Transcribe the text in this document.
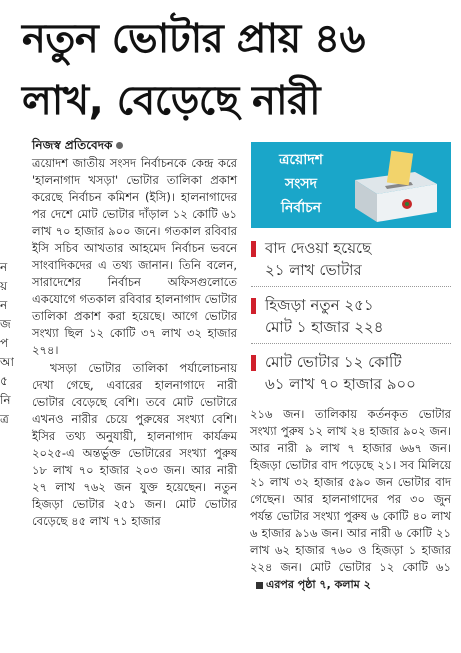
নতুন ভোটার প্রায় ৪৬ লাখ, বেড়েছে নারী
ন
য়
ন
জ
প
আ
৫
নি
ত্র
নিজস্ব প্রতিবেদক

ত্রয়োদশ জাতীয় সংসদ নির্বাচনকে কেন্দ্র করে 'হালনাগাদ খসড়া' ভোটার তালিকা প্রকাশ করেছে নির্বাচন কমিশন (ইসি)। হালনাগাদের পর দেশে মোট ভোটার দাঁড়াল ১২ কোটি ৬১ লাখ ৭০ হাজার ৯০০ জনে। গতকাল রবিবার ইসি সচিব আখতার আহমেদ নির্বাচন ভবনে সাংবাদিকদের এ তথ্য জানান। তিনি বলেন, সারাদেশের নির্বাচন অফিসগুলোতে একযোগে গতকাল রবিবার হালনাগাদ ভোটার তালিকা প্রকাশ করা হয়েছে। আগে ভোটার সংখ্যা ছিল ১২ কোটি ৩৭ লাখ ৩২ হাজার ২৭৪।

খসড়া ভোটার তালিকা পর্যালোচনায় দেখা গেছে, এবারের হালনাগাদে নারী ভোটার বেড়েছে বেশি। তবে মোট ভোটারে এখনও নারীর চেয়ে পুরুষের সংখ্যা বেশি। ইসির তথ্য অনুযায়ী, হালনাগাদ কার্যক্রম ২০২৫-এ অন্তর্ভুক্ত ভোটারের সংখ্যা পুরুষ ১৮ লাখ ৭০ হাজার ২০৩ জন। আর নারী ২৭ লাখ ৭৬২ জন যুক্ত হয়েছেন। নতুন হিজড়া ভোটার ২৫১ জন। মোট ভোটার বেড়েছে ৪৫ লাখ ৭১ হাজার

ত্রয়োদশ
সংসদ
নির্বাচন
বাদ দেওয়া হয়েছে
২১ লাখ ভোটার
হিজড়া নতুন ২৫১
মোট ১ হাজার ২২৪
মোট ভোটার ১২ কোটি
৬১ লাখ ৭০ হাজার ৯০০
২১৬ জন। তালিকায় কর্তনকৃত ভোটার সংখ্যা পুরুষ ১২ লাখ ২৪ হাজার ৯০২ জন। আর নারী ৯ লাখ ৭ হাজার ৬৬৭ জন। হিজড়া ভোটার বাদ পড়েছে ২১। সব মিলিয়ে ২১ লাখ ৩২ হাজার ৫৯০ জন ভোটার বাদ গেছেন। আর হালনাগাদের পর ৩০ জুন পর্যন্ত ভোটার সংখ্যা পুরুষ ৬ কোটি ৪০ লাখ ৬ হাজার ৯১৬ জন। আর নারী ৬ কোটি ২১ লাখ ৬২ হাজার ৭৬০ ও হিজড়া ১ হাজার ২২৪ জন। মোট ভোটার ১২ কোটি ৬১এরপর পৃষ্ঠা ৭, কলাম ২
